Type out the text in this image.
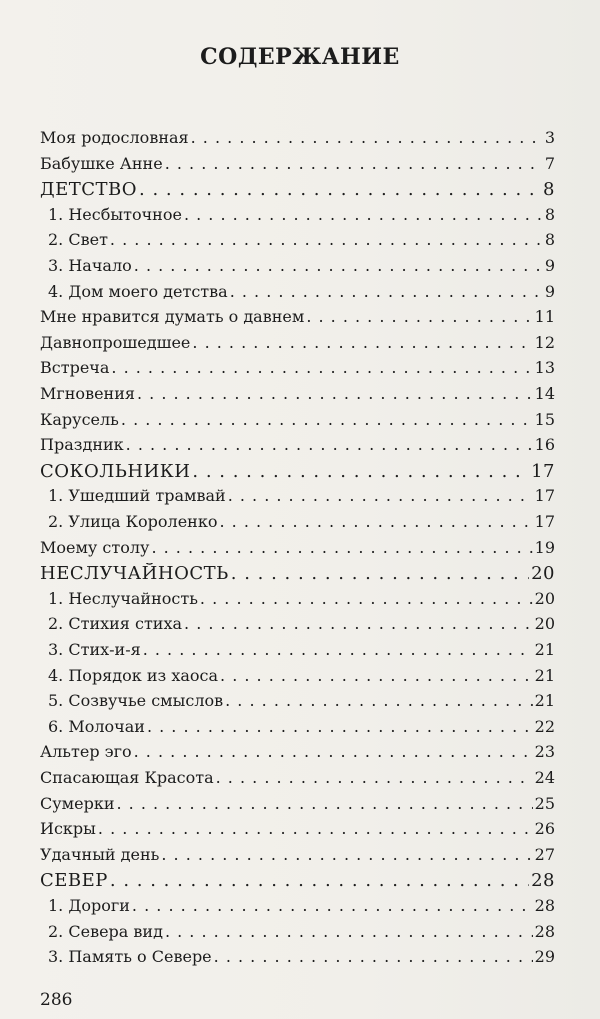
СОДЕРЖАНИЕ
Моя родословная . . .	3
Бабушке Анне . . .	7
ДЕТСТВО . . .	8
1. Несбыточное . . .	8
2. Свет . . .	8
3. Начало . . .	9
4. Дом моего детства . . .	9
Мне нравится думать о давнем . . .	11
Давнопрошедшее . . .	12
Встреча . . .	13
Мгновения . . .	14
Карусель . . .	15
Праздник . . .	16
СОКОЛЬНИКИ . . .	17
1. Ушедший трамвай . . .	17
2. Улица Короленко . . .	17
Моему столу . . .	19
НЕСЛУЧАЙНОСТЬ . . .	20
1. Неслучайность . . .	20
2. Стихия стиха . . .	20
3. Стих-и-я . . .	21
4. Порядок из хаоса . . .	21
5. Созвучье смыслов . . .	21
6. Молочаи . . .	22
Альтер эго . . .	23
Спасающая Красота . . .	24
Сумерки . . .	25
Искры . . .	26
Удачный день . . .	27
СЕВЕР . . .	28
1. Дороги . . .	28
2. Севера вид . . .	28
3. Память о Севере . . .	29
286
